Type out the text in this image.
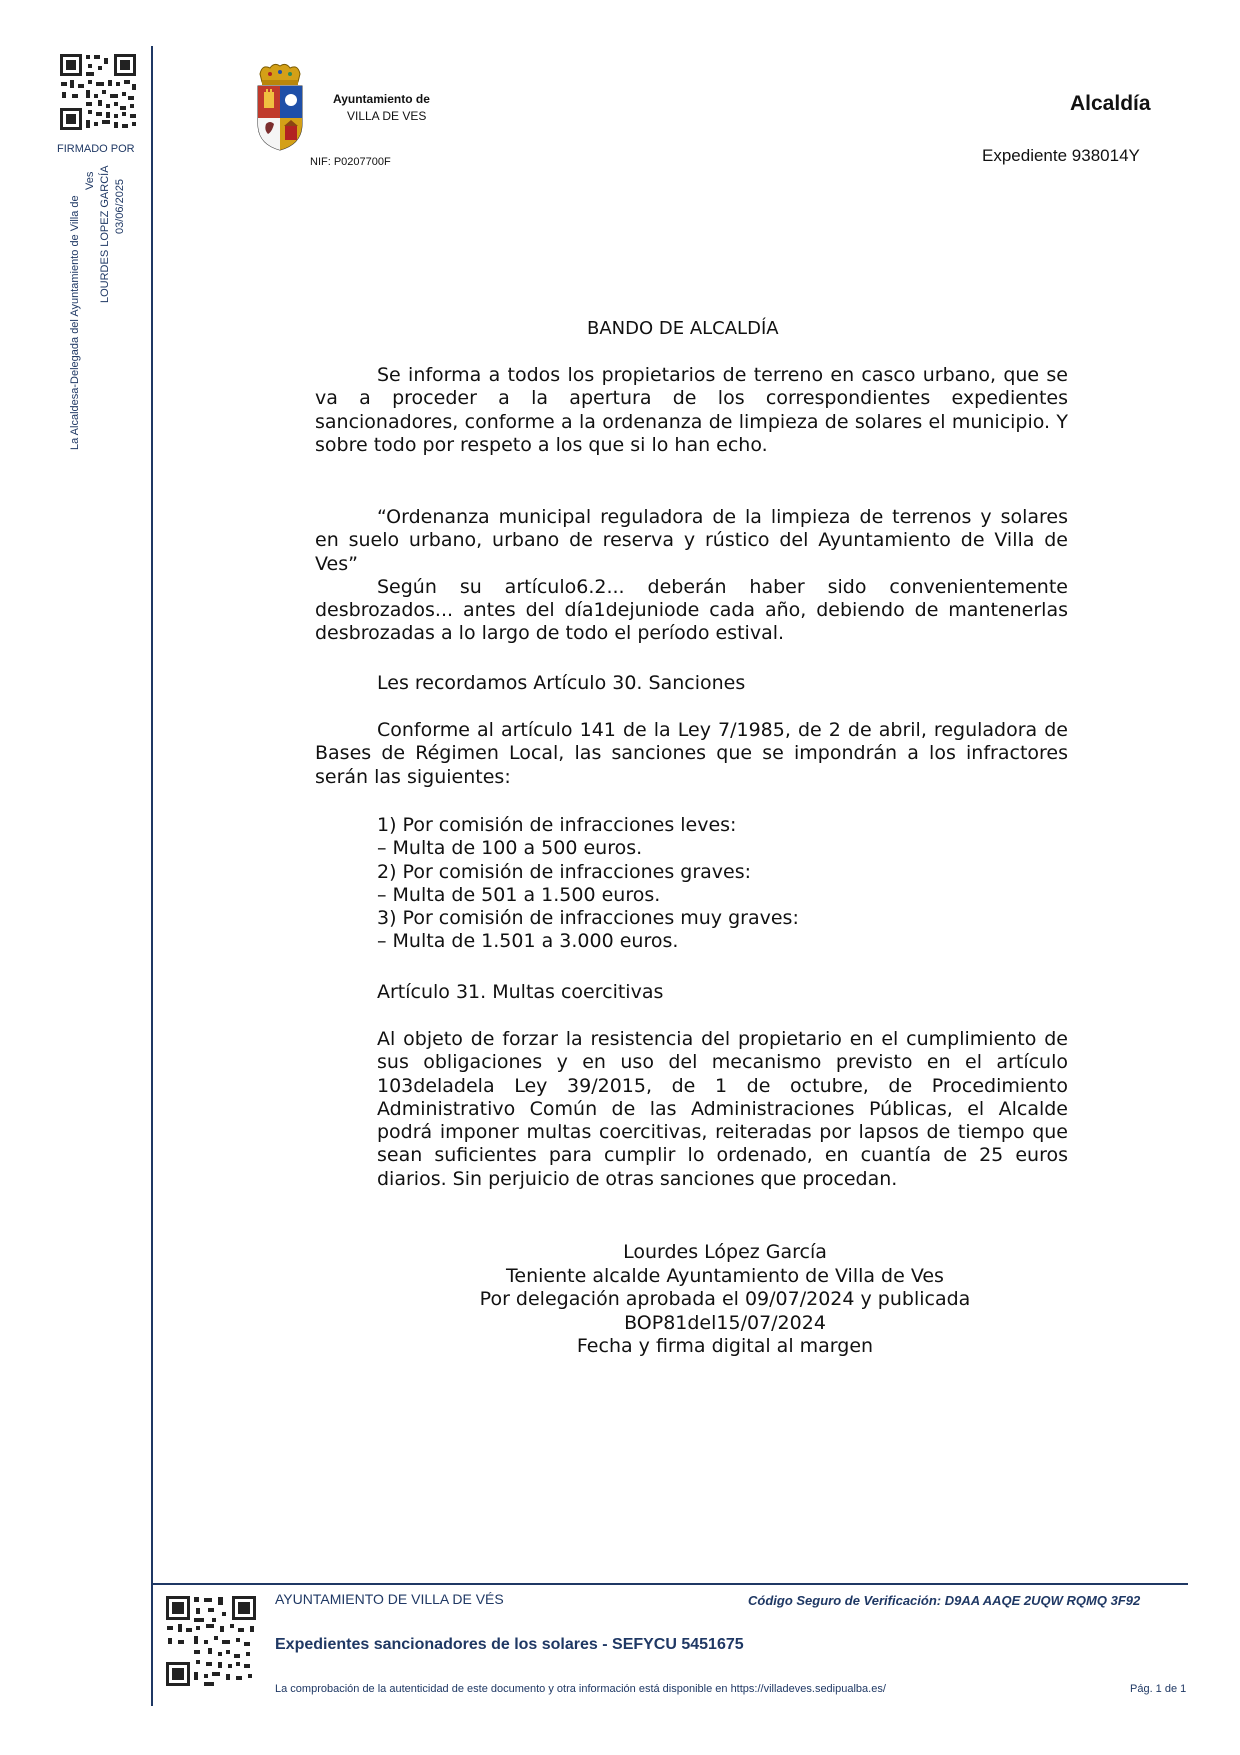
FIRMADO POR
La Alcaldesa-Delegada del Ayuntamiento de Villa de
Ves LOURDES LOPEZ GARCÍA 03/06/2025
Ayuntamiento de
VILLA DE VES
NIF: P0207700F
Alcaldía
Expediente 938014Y
BANDO DE ALCALDÍA

Se informa a todos los propietarios de terreno en casco urbano, que se va a proceder a la apertura de los correspondientes expedientes sancionadores, conforme a la ordenanza de limpieza de solares el municipio. Y sobre todo por respeto a los que si lo han echo.

“Ordenanza municipal reguladora de la limpieza de terrenos y solares en suelo urbano, urbano de reserva y rústico del Ayuntamiento de Villa de Ves”

Según su artículo6.2... deberán haber sido convenientemente desbrozados... antes del día1dejuniode cada año, debiendo de mantenerlas desbrozadas a lo largo de todo el período estival.

Les recordamos Artículo 30. Sanciones

Conforme al artículo 141 de la Ley 7/1985, de 2 de abril, reguladora de Bases de Régimen Local, las sanciones que se impondrán a los infractores serán las siguientes:

1) Por comisión de infracciones leves:

– Multa de 100 a 500 euros.

2) Por comisión de infracciones graves:

– Multa de 501 a 1.500 euros.

3) Por comisión de infracciones muy graves:

– Multa de 1.501 a 3.000 euros.

Artículo 31. Multas coercitivas
Al objeto de forzar la resistencia del propietario en el cumplimiento de sus obligaciones y en uso del mecanismo previsto en el artículo 103deladela Ley 39/2015, de 1 de octubre, de Procedimiento Administrativo Común de las Administraciones Públicas, el Alcalde podrá imponer multas coercitivas, reiteradas por lapsos de tiempo que sean suficientes para cumplir lo ordenado, en cuantía de 25 euros diarios. Sin perjuicio de otras sanciones que procedan.
Lourdes López García
Teniente alcalde Ayuntamiento de Villa de Ves
Por delegación aprobada el 09/07/2024 y publicada
BOP81del15/07/2024
Fecha y firma digital al margen
AYUNTAMIENTO DE VILLA DE VÉS	Código Seguro de Verificación: D9AA AAQE 2UQW RQMQ 3F92
Expedientes sancionadores de los solares - SEFYCU 5451675
La comprobación de la autenticidad de este documento y otra información está disponible en https://villadeves.sedipualba.es/	Pág. 1 de 1
